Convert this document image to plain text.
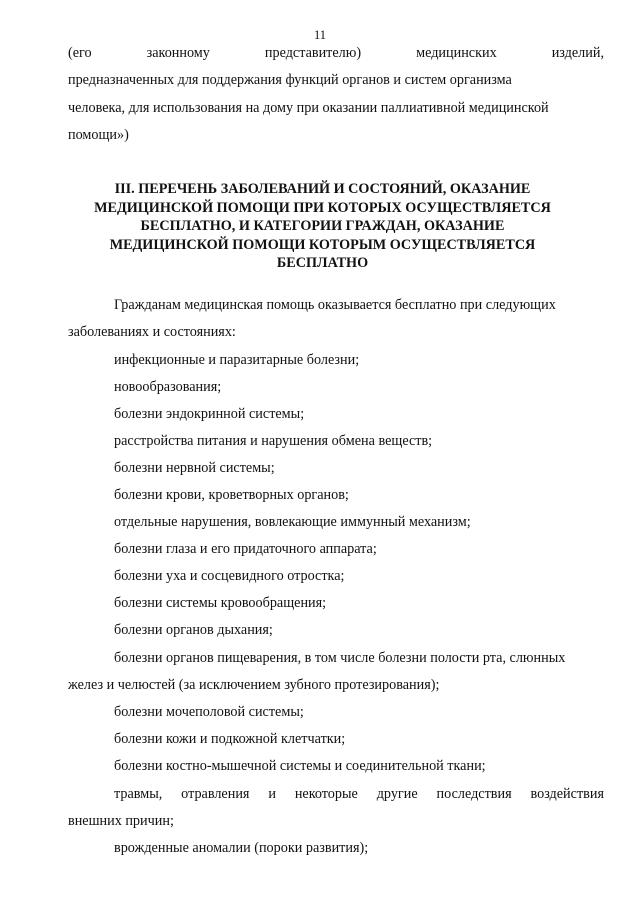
11
(его	законному	представителю)	медицинских	изделий,
предназначенных для поддержания функций органов и систем организма
человека, для использования на дому при оказании паллиативной медицинской
помощи»)
III. ПЕРЕЧЕНЬ ЗАБОЛЕВАНИЙ И СОСТОЯНИЙ, ОКАЗАНИЕ
МЕДИЦИНСКОЙ ПОМОЩИ ПРИ КОТОРЫХ ОСУЩЕСТВЛЯЕТСЯ
БЕСПЛАТНО, И КАТЕГОРИИ ГРАЖДАН, ОКАЗАНИЕ
МЕДИЦИНСКОЙ ПОМОЩИ КОТОРЫМ ОСУЩЕСТВЛЯЕТСЯ
БЕСПЛАТНО
Гражданам медицинская помощь оказывается бесплатно при следующих
заболеваниях и состояниях:
инфекционные и паразитарные болезни;
новообразования;
болезни эндокринной системы;
расстройства питания и нарушения обмена веществ;
болезни нервной системы;
болезни крови, кроветворных органов;
отдельные нарушения, вовлекающие иммунный механизм;
болезни глаза и его придаточного аппарата;
болезни уха и сосцевидного отростка;
болезни системы кровообращения;
болезни органов дыхания;
болезни органов пищеварения, в том числе болезни полости рта, слюнных
желез и челюстей (за исключением зубного протезирования);
болезни мочеполовой системы;
болезни кожи и подкожной клетчатки;
болезни костно-мышечной системы и соединительной ткани;
травмы, отравления и некоторые другие последствия воздействия
внешних причин;
врожденные аномалии (пороки развития);
